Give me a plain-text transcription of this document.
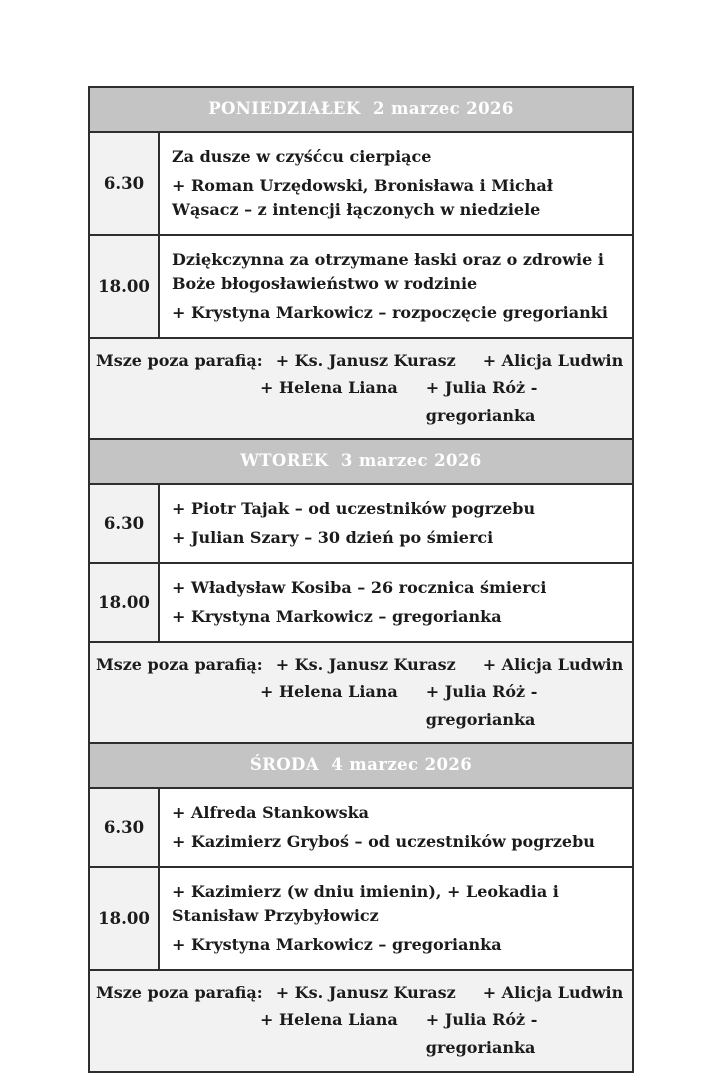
PONIEDZIAŁEK  2 marzec 2026
6.30

Za dusze w czyśćcu cierpiące

+ Roman Urzędowski, Bronisława i Michał Wąsacz – z intencji łączonych w niedziele

18.00

Dziękczynna za otrzymane łaski oraz o zdrowie i Boże błogosławieństwo w rodzinie

+ Krystyna Markowicz – rozpoczęcie gregorianki

Msze poza parafią: + Ks. Janusz Kurasz + Alicja Ludwin
+ Helena Liana + Julia Róż - gregorianka
WTOREK  3 marzec 2026
6.30

+ Piotr Tajak – od uczestników pogrzebu

+ Julian Szary – 30 dzień po śmierci

18.00

+ Władysław Kosiba – 26 rocznica śmierci

+ Krystyna Markowicz – gregorianka

Msze poza parafią: + Ks. Janusz Kurasz + Alicja Ludwin
+ Helena Liana + Julia Róż - gregorianka
ŚRODA  4 marzec 2026
6.30

+ Alfreda Stankowska

+ Kazimierz Gryboś – od uczestników pogrzebu

18.00

+ Kazimierz (w dniu imienin), + Leokadia i Stanisław Przybyłowicz

+ Krystyna Markowicz – gregorianka

Msze poza parafią: + Ks. Janusz Kurasz + Alicja Ludwin
+ Helena Liana + Julia Róż - gregorianka
